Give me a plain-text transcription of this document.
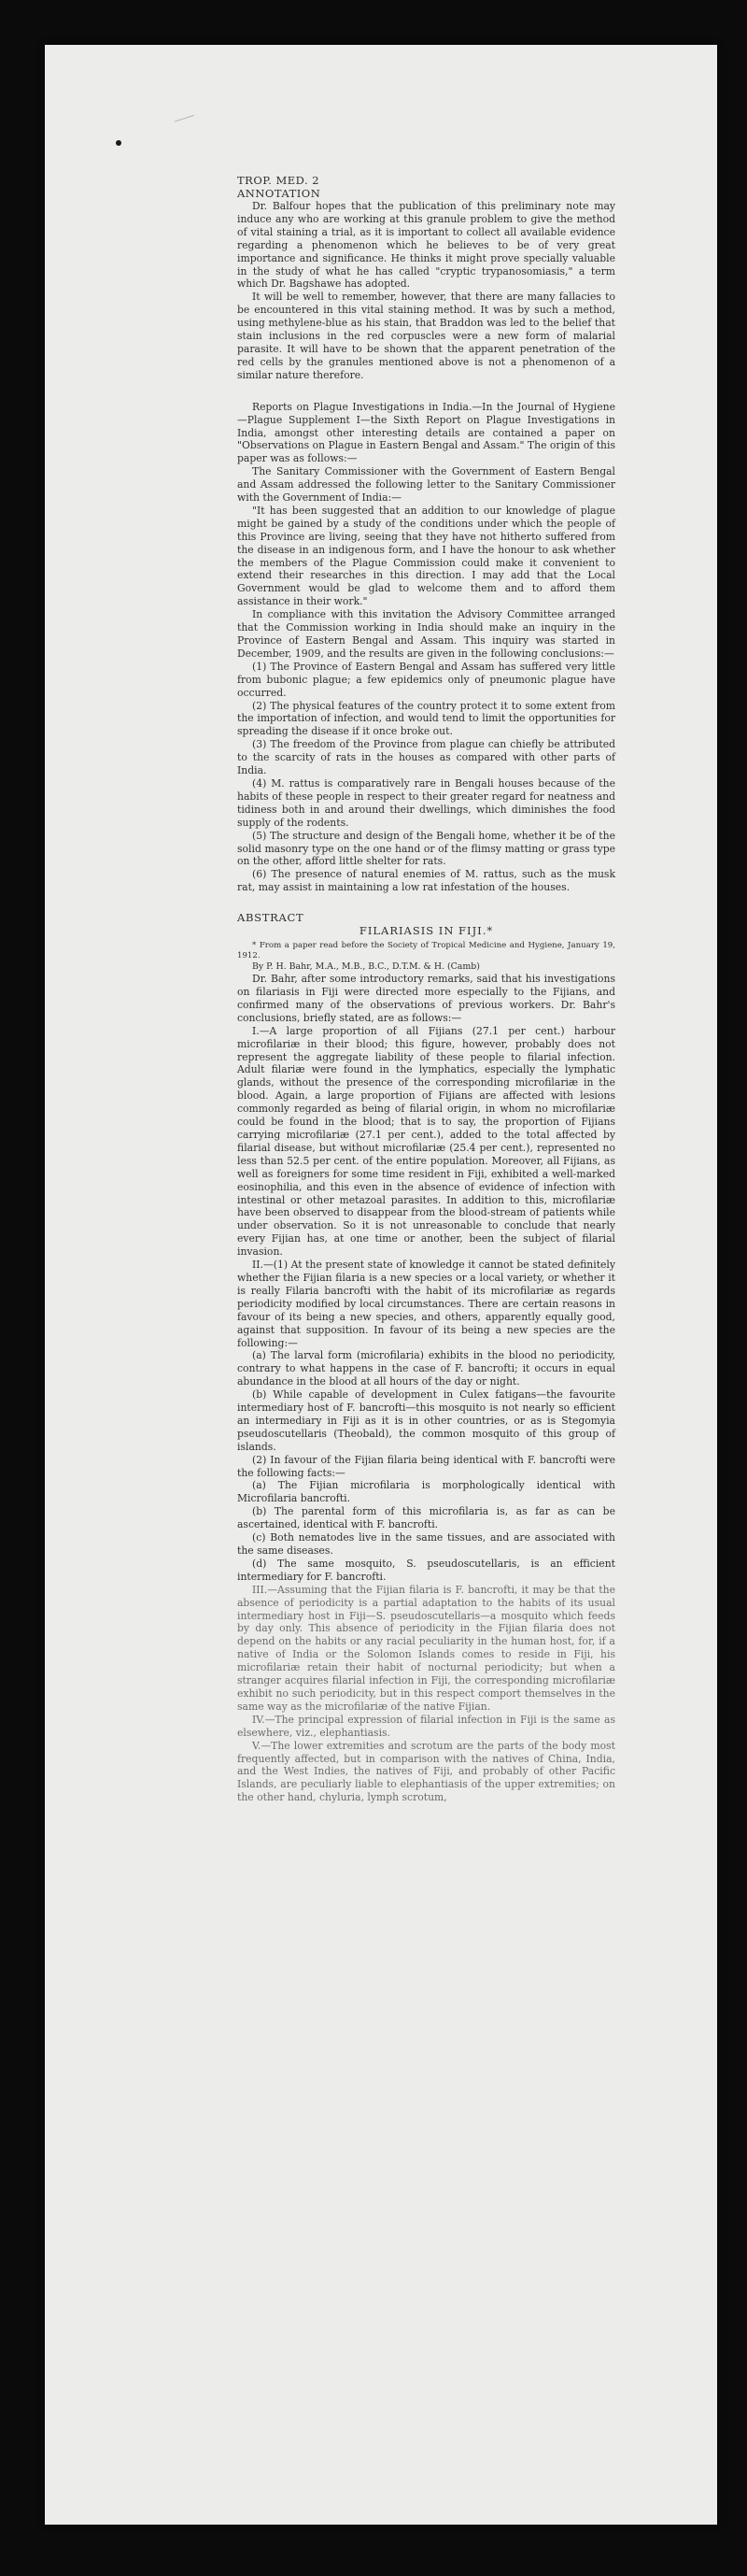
TROP. MED. 2
ANNOTATION

Dr. Balfour hopes that the publication of this preliminary note may induce any who are working at this granule problem to give the method of vital staining a trial, as it is important to collect all available evidence regarding a phenomenon which he believes to be of very great importance and significance. He thinks it might prove specially valuable in the study of what he has called "cryptic trypanosomiasis," a term which Dr. Bagshawe has adopted.

It will be well to remember, however, that there are many fallacies to be encountered in this vital staining method. It was by such a method, using methylene-blue as his stain, that Braddon was led to the belief that stain inclusions in the red corpuscles were a new form of malarial parasite. It will have to be shown that the apparent penetration of the red cells by the granules mentioned above is not a phenomenon of a similar nature therefore.

Reports on Plague Investigations in India.—In the Journal of Hygiene—Plague Supplement I—the Sixth Report on Plague Investigations in India, amongst other interesting details are contained a paper on "Observations on Plague in Eastern Bengal and Assam." The origin of this paper was as follows:—

The Sanitary Commissioner with the Government of Eastern Bengal and Assam addressed the following letter to the Sanitary Commissioner with the Government of India:—

"It has been suggested that an addition to our knowledge of plague might be gained by a study of the conditions under which the people of this Province are living, seeing that they have not hitherto suffered from the disease in an indigenous form, and I have the honour to ask whether the members of the Plague Commission could make it convenient to extend their researches in this direction. I may add that the Local Government would be glad to welcome them and to afford them assistance in their work."

In compliance with this invitation the Advisory Committee arranged that the Commission working in India should make an inquiry in the Province of Eastern Bengal and Assam. This inquiry was started in December, 1909, and the results are given in the following conclusions:—

(1) The Province of Eastern Bengal and Assam has suffered very little from bubonic plague; a few epidemics only of pneumonic plague have occurred.

(2) The physical features of the country protect it to some extent from the importation of infection, and would tend to limit the opportunities for spreading the disease if it once broke out.

(3) The freedom of the Province from plague can chiefly be attributed to the scarcity of rats in the houses as compared with other parts of India.

(4) M. rattus is comparatively rare in Bengali houses because of the habits of these people in respect to their greater regard for neatness and tidiness both in and around their dwellings, which diminishes the food supply of the rodents.

(5) The structure and design of the Bengali home, whether it be of the solid masonry type on the one hand or of the flimsy matting or grass type on the other, afford little shelter for rats.

(6) The presence of natural enemies of M. rattus, such as the musk rat, may assist in maintaining a low rat infestation of the houses.

ABSTRACT
FILARIASIS IN FIJI.*

* From a paper read before the Society of Tropical Medicine and Hygiene, January 19, 1912.

By P. H. Bahr, M.A., M.B., B.C., D.T.M. & H. (Camb)

Dr. Bahr, after some introductory remarks, said that his investigations on filariasis in Fiji were directed more especially to the Fijians, and confirmed many of the observations of previous workers. Dr. Bahr's conclusions, briefly stated, are as follows:—

I.—A large proportion of all Fijians (27.1 per cent.) harbour microfilariæ in their blood; this figure, however, probably does not represent the aggregate liability of these people to filarial infection. Adult filariæ were found in the lymphatics, especially the lymphatic glands, without the presence of the corresponding microfilariæ in the blood. Again, a large proportion of Fijians are affected with lesions commonly regarded as being of filarial origin, in whom no microfilariæ could be found in the blood; that is to say, the proportion of Fijians carrying microfilariæ (27.1 per cent.), added to the total affected by filarial disease, but without microfilariæ (25.4 per cent.), represented no less than 52.5 per cent. of the entire population. Moreover, all Fijians, as well as foreigners for some time resident in Fiji, exhibited a well-marked eosinophilia, and this even in the absence of evidence of infection with intestinal or other metazoal parasites. In addition to this, microfilariæ have been observed to disappear from the blood-stream of patients while under observation. So it is not unreasonable to conclude that nearly every Fijian has, at one time or another, been the subject of filarial invasion.

II.—(1) At the present state of knowledge it cannot be stated definitely whether the Fijian filaria is a new species or a local variety, or whether it is really Filaria bancrofti with the habit of its microfilariæ as regards periodicity modified by local circumstances. There are certain reasons in favour of its being a new species, and others, apparently equally good, against that supposition. In favour of its being a new species are the following:—

(a) The larval form (microfilaria) exhibits in the blood no periodicity, contrary to what happens in the case of F. bancrofti; it occurs in equal abundance in the blood at all hours of the day or night.

(b) While capable of development in Culex fatigans—the favourite intermediary host of F. bancrofti—this mosquito is not nearly so efficient an intermediary in Fiji as it is in other countries, or as is Stegomyia pseudoscutellaris (Theobald), the common mosquito of this group of islands.

(2) In favour of the Fijian filaria being identical with F. bancrofti were the following facts:—

(a) The Fijian microfilaria is morphologically identical with Microfilaria bancrofti.

(b) The parental form of this microfilaria is, as far as can be ascertained, identical with F. bancrofti.

(c) Both nematodes live in the same tissues, and are associated with the same diseases.

(d) The same mosquito, S. pseudoscutellaris, is an efficient intermediary for F. bancrofti.

III.—Assuming that the Fijian filaria is F. bancrofti, it may be that the absence of periodicity is a partial adaptation to the habits of its usual intermediary host in Fiji—S. pseudoscutellaris—a mosquito which feeds by day only. This absence of periodicity in the Fijian filaria does not depend on the habits or any racial peculiarity in the human host, for, if a native of India or the Solomon Islands comes to reside in Fiji, his microfilariæ retain their habit of nocturnal periodicity; but when a stranger acquires filarial infection in Fiji, the corresponding microfilariæ exhibit no such periodicity, but in this respect comport themselves in the same way as the microfilariæ of the native Fijian.

IV.—The principal expression of filarial infection in Fiji is the same as elsewhere, viz., elephantiasis.

V.—The lower extremities and scrotum are the parts of the body most frequently affected, but in comparison with the natives of China, India, and the West Indies, the natives of Fiji, and probably of other Pacific Islands, are peculiarly liable to elephantiasis of the upper extremities; on the other hand, chyluria, lymph scrotum,
